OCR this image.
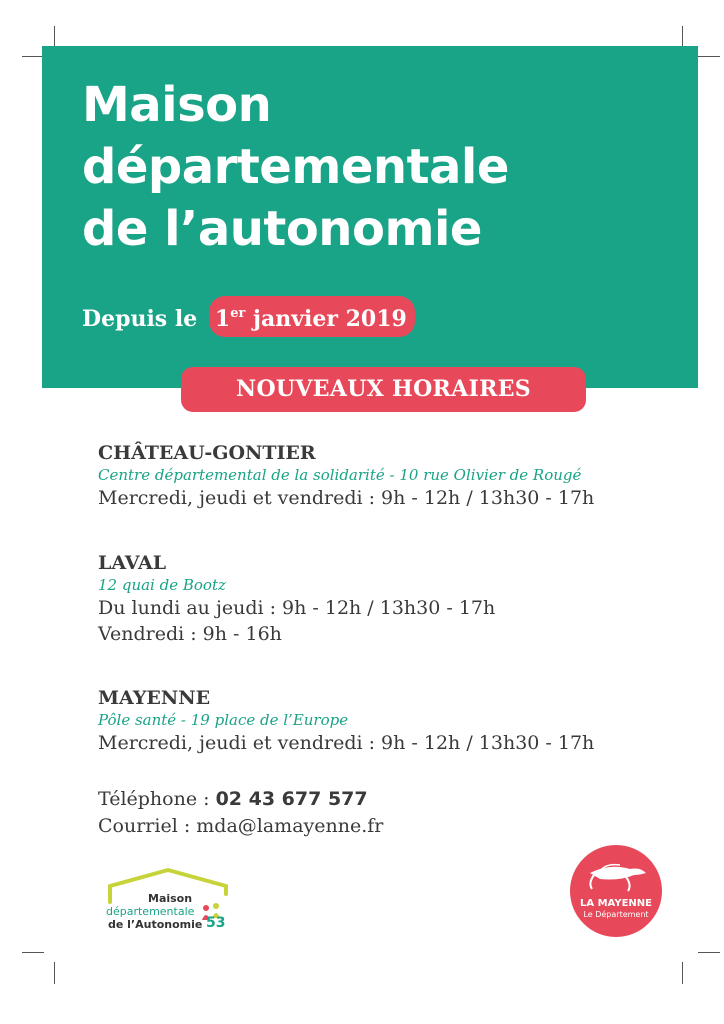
Maison
départementale
de l’autonomie
Depuis le 1er janvier 2019
NOUVEAUX HORAIRES
CHÂTEAU-GONTIER
Centre départemental de la solidarité - 10 rue Olivier de Rougé
Mercredi, jeudi et vendredi : 9h - 12h / 13h30 - 17h
LAVAL
12 quai de Bootz
Du lundi au jeudi : 9h - 12h / 13h30 - 17h
Vendredi : 9h - 16h
MAYENNE
Pôle santé - 19 place de l’Europe
Mercredi, jeudi et vendredi : 9h - 12h / 13h30 - 17h
Téléphone : 02 43 677 577
Courriel : mda@lamayenne.fr
Maison
départementale
de l’Autonomie 53
LA MAYENNE
Le Département
